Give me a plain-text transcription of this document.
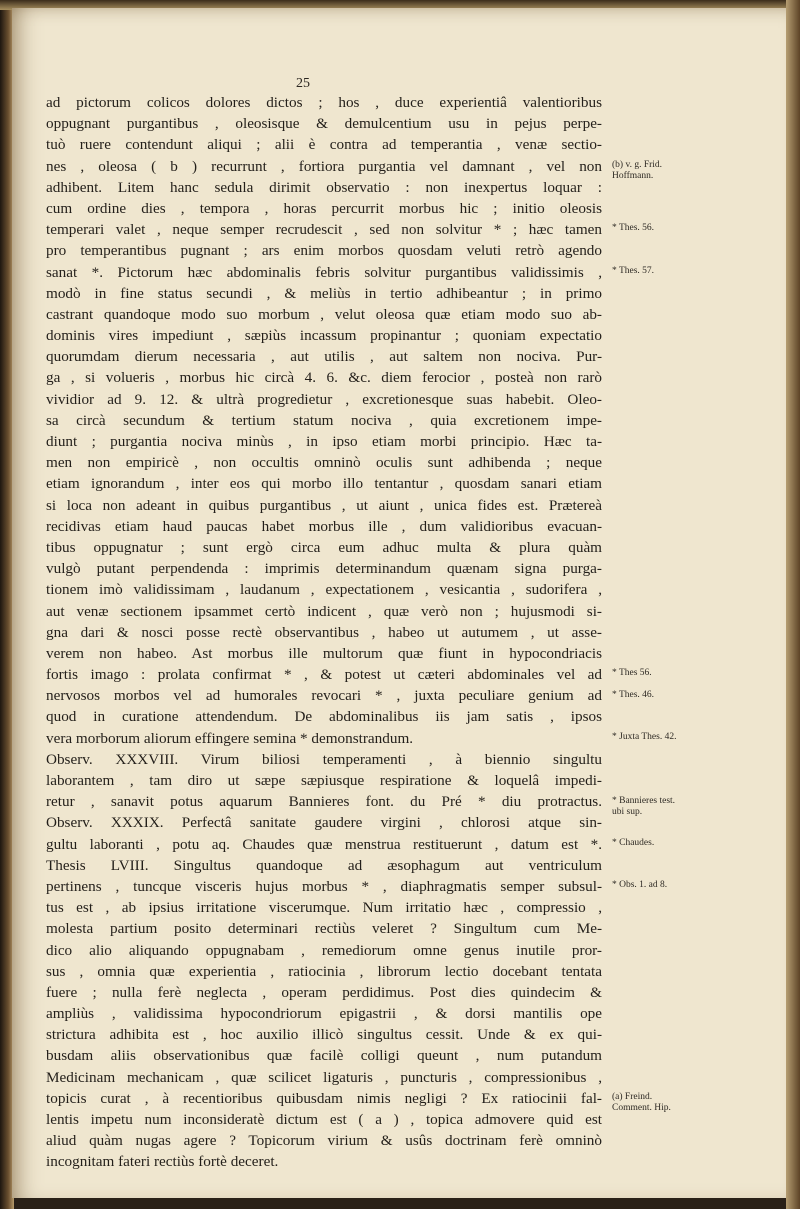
25
ad pictorum colicos dolores dictos ; hos , duce experientiâ valentioribus
oppugnant purgantibus , oleosisque & demulcentium usu in pejus perpe-
tuò ruere contendunt aliqui ; alii è contra ad temperantia , venæ sectio-
nes , oleosa ( b ) recurrunt , fortiora purgantia vel damnant , vel non
adhibent. Litem hanc sedula dirimit observatio : non inexpertus loquar :
cum ordine dies , tempora , horas percurrit morbus hic ; initio oleosis
temperari valet , neque semper recrudescit , sed non solvitur * ; hæc tamen
pro temperantibus pugnant ; ars enim morbos quosdam veluti retrò agendo
sanat *. Pictorum hæc abdominalis febris solvitur purgantibus validissimis ,
modò in fine status secundi , & meliùs in tertio adhibeantur ; in primo
castrant quandoque modo suo morbum , velut oleosa quæ etiam modo suo ab-
dominis vires impediunt , sæpiùs incassum propinantur ; quoniam expectatio
quorumdam dierum necessaria , aut utilis , aut saltem non nociva. Pur-
ga , si volueris , morbus hic circà 4. 6. &c. diem ferocior , posteà non rarò
vividior ad 9. 12. & ultrà progredietur , excretionesque suas habebit. Oleo-
sa circà secundum & tertium statum nociva , quia excretionem impe-
diunt ; purgantia nociva minùs , in ipso etiam morbi principio. Hæc ta-
men non empiricè , non occultis omninò oculis sunt adhibenda ; neque
etiam ignorandum , inter eos qui morbo illo tentantur , quosdam sanari etiam
si loca non adeant in quibus purgantibus , ut aiunt , unica fides est. Prætereà
recidivas etiam haud paucas habet morbus ille , dum validioribus evacuan-
tibus oppugnatur ; sunt ergò circa eum adhuc multa & plura quàm
vulgò putant perpendenda : imprimis determinandum quænam signa purga-
tionem imò validissimam , laudanum , expectationem , vesicantia , sudorifera ,
aut venæ sectionem ipsammet certò indicent , quæ verò non ; hujusmodi si-
gna dari & nosci posse rectè observantibus , habeo ut autumem , ut asse-
verem non habeo. Ast morbus ille multorum quæ fiunt in hypocondriacis
fortis imago : prolata confirmat * , & potest ut cæteri abdominales vel ad
nervosos morbos vel ad humorales revocari * , juxta peculiare genium ad
quod in curatione attendendum. De abdominalibus iis jam satis , ipsos
vera morborum aliorum effingere semina * demonstrandum.
Observ. XXXVIII. Virum biliosi temperamenti , à biennio singultu
laborantem , tam diro ut sæpe sæpiusque respiratione & loquelâ impedi-
retur , sanavit potus aquarum Bannieres font. du Pré * diu protractus.
Observ. XXXIX. Perfectâ sanitate gaudere virgini , chlorosi atque sin-
gultu laboranti , potu aq. Chaudes quæ menstrua restituerunt , datum est *.
Thesis LVIII. Singultus quandoque ad æsophagum aut ventriculum
pertinens , tuncque visceris hujus morbus * , diaphragmatis semper subsul-
tus est , ab ipsius irritatione viscerumque. Num irritatio hæc , compressio ,
molesta partium posito determinari rectiùs veleret ? Singultum cum Me-
dico alio aliquando oppugnabam , remediorum omne genus inutile pror-
sus , omnia quæ experientia , ratiocinia , librorum lectio docebant tentata
fuere ; nulla ferè neglecta , operam perdidimus. Post dies quindecim &
ampliùs , validissima hypocondriorum epigastrii , & dorsi mantilis ope
strictura adhibita est , hoc auxilio illicò singultus cessit. Unde & ex qui-
busdam aliis observationibus quæ facilè colligi queunt , num putandum
Medicinam mechanicam , quæ scilicet ligaturis , puncturis , compressionibus ,
topicis curat , à recentioribus quibusdam nimis negligi ? Ex ratiocinii fal-
lentis impetu num inconsideratè dictum est ( a ) , topica admovere quid est
aliud quàm nugas agere ? Topicorum virium & usûs doctrinam ferè omninò
incognitam fateri rectiùs fortè deceret.
(b) v. g. Frid. Hoffmann.
* Thes. 56.
* Thes. 57.
* Thes 56.
* Thes. 46.
* Juxta Thes. 42.
* Bannieres test. ubi sup.
* Chaudes.
* Obs. 1. ad 8.
(a) Freind. Comment. Hip.
